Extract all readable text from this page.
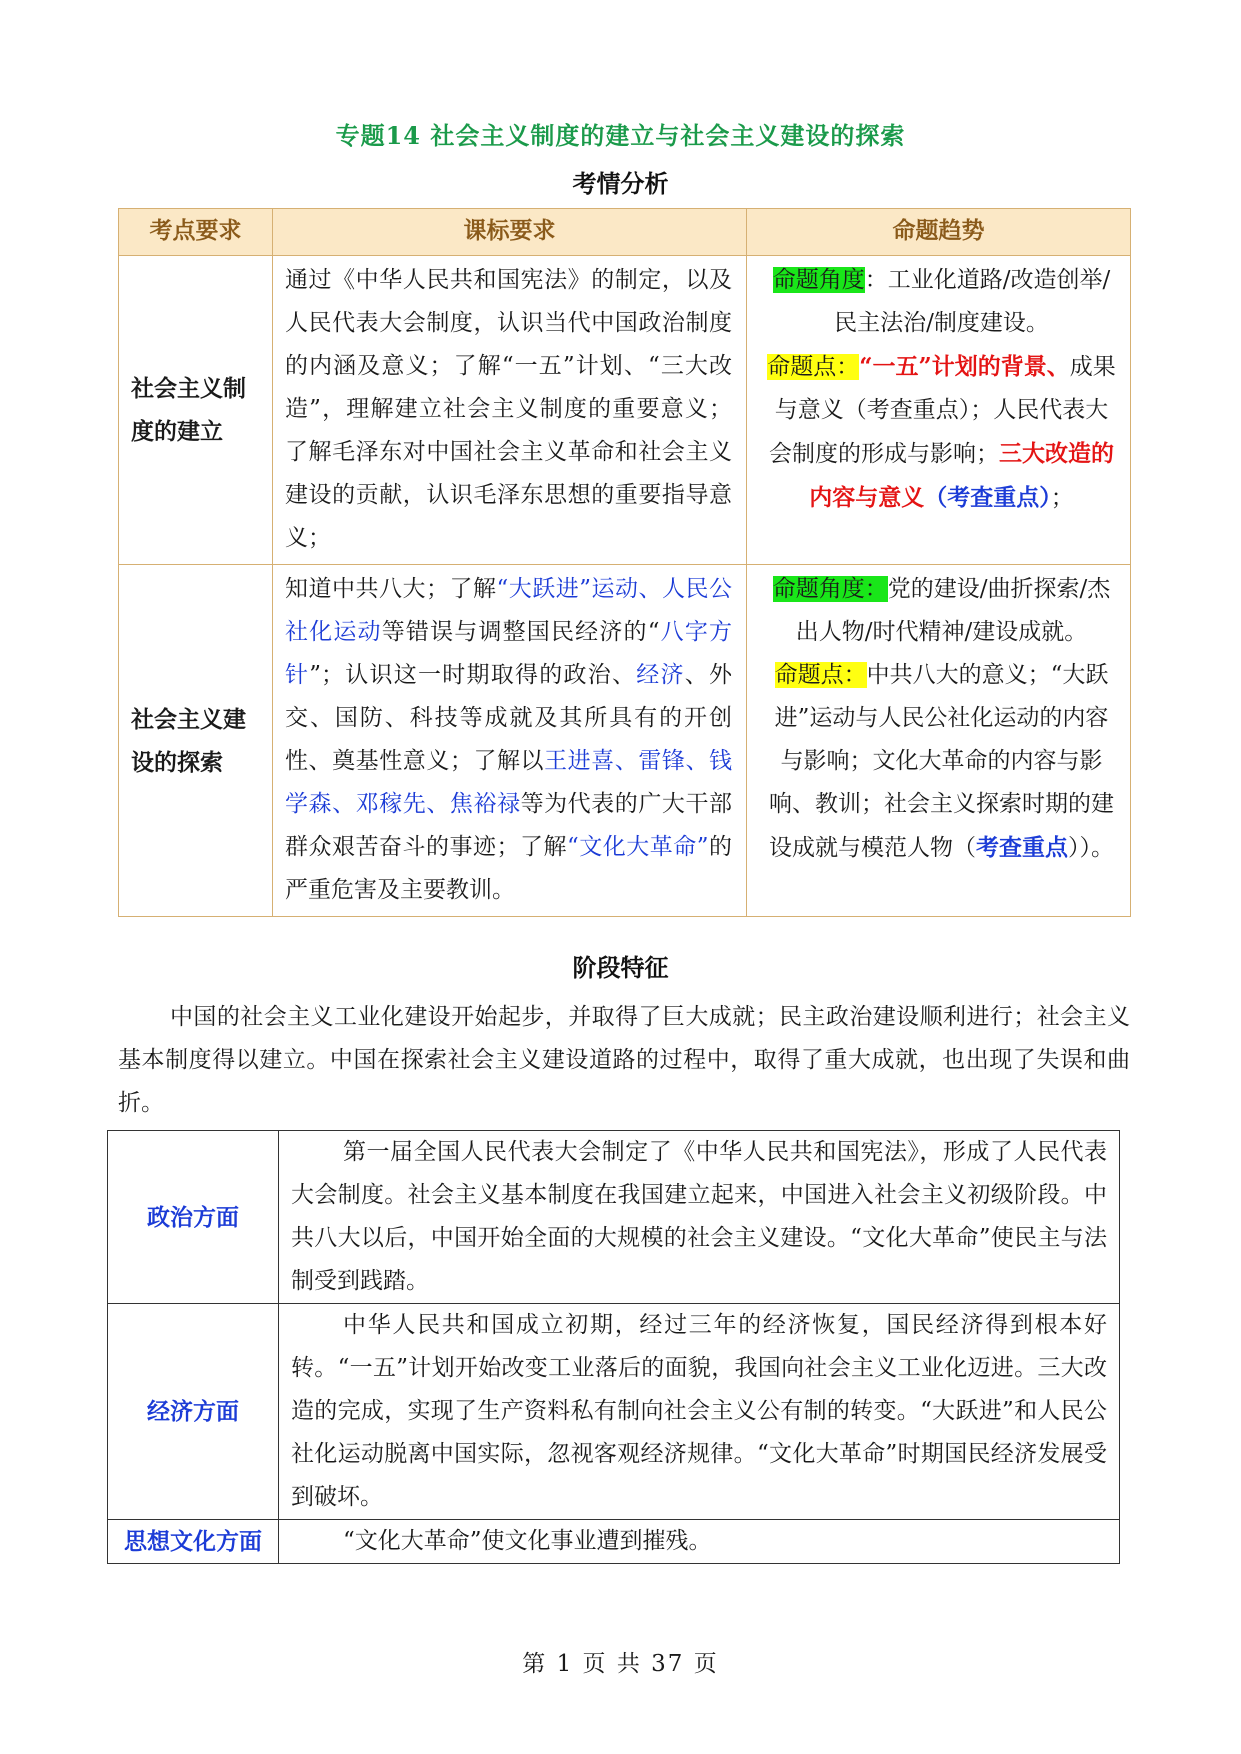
专题14 社会主义制度的建立与社会主义建设的探索
考情分析
考点要求	课标要求	命题趋势
社会主义制度的建立	通过《中华人民共和国宪法》的制定，以及人民代表大会制度，认识当代中国政治制度的内涵及意义；了解“一五”计划、“三大改造”，理解建立社会主义制度的重要意义；了解毛泽东对中国社会主义革命和社会主义建设的贡献，认识毛泽东思想的重要指导意义；	命题角度：工业化道路/改造创举/民主法治/制度建设。
命题点：“一五”计划的背景、成果与意义（考查重点）；人民代表大会制度的形成与影响；三大改造的内容与意义（考查重点）；
社会主义建设的探索	知道中共八大；了解“大跃进”运动、人民公社化运动等错误与调整国民经济的“八字方针”；认识这一时期取得的政治、经济、外交、国防、科技等成就及其所具有的开创性、奠基性意义；了解以王进喜、雷锋、钱学森、邓稼先、焦裕禄等为代表的广大干部群众艰苦奋斗的事迹；了解“文化大革命”的严重危害及主要教训。	命题角度：党的建设/曲折探索/杰出人物/时代精神/建设成就。
命题点：中共八大的意义；“大跃进”运动与人民公社化运动的内容与影响；文化大革命的内容与影响、教训；社会主义探索时期的建设成就与模范人物（考查重点））。
阶段特征

中国的社会主义工业化建设开始起步，并取得了巨大成就；民主政治建设顺利进行；社会主义基本制度得以建立。中国在探索社会主义建设道路的过程中，取得了重大成就，也出现了失误和曲折。

政治方面	第一届全国人民代表大会制定了《中华人民共和国宪法》，形成了人民代表大会制度。社会主义基本制度在我国建立起来，中国进入社会主义初级阶段。中共八大以后，中国开始全面的大规模的社会主义建设。“文化大革命”使民主与法制受到践踏。
经济方面	中华人民共和国成立初期，经过三年的经济恢复，国民经济得到根本好转。“一五”计划开始改变工业落后的面貌，我国向社会主义工业化迈进。三大改造的完成，实现了生产资料私有制向社会主义公有制的转变。“大跃进”和人民公社化运动脱离中国实际，忽视客观经济规律。“文化大革命”时期国民经济发展受到破坏。
思想文化方面	“文化大革命”使文化事业遭到摧残。
第 1 页 共 37 页
